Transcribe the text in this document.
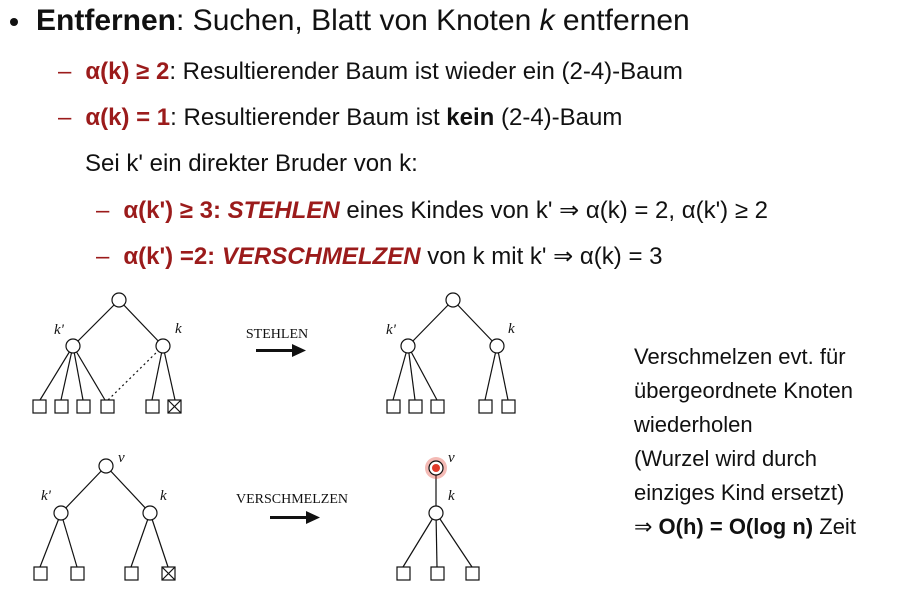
Entfernen: Suchen, Blatt von Knoten k entfernen
– α(k) ≥ 2: Resultierender Baum ist wieder ein (2-4)-Baum
– α(k) = 1: Resultierender Baum ist kein (2-4)-Baum
Sei k' ein direkter Bruder von k:
– α(k') ≥ 3: STEHLEN eines Kindes von k' ⇒ α(k) = 2, α(k') ≥ 2
– α(k') =2: VERSCHMELZEN von k mit k' ⇒ α(k) = 3
STEHLEN
VERSCHMELZEN
k'	k	k'	k
v
k'	k
v
k
Verschmelzen evt. für
übergeordnete Knoten
wiederholen
(Wurzel wird durch
einziges Kind ersetzt)
⇒ O(h) = O(log n) Zeit
